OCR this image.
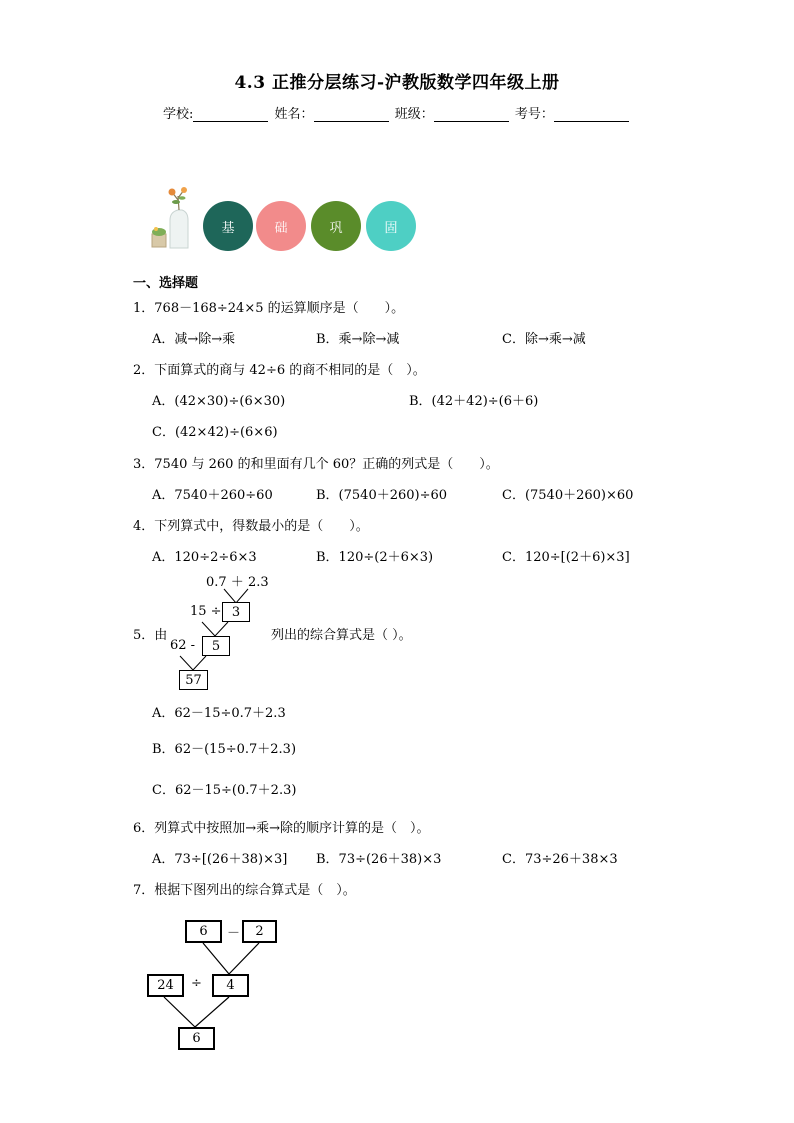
4.3 正推分层练习-沪教版数学四年级上册
学校:	姓名：	班级：	考号：
基	础	巩	固
一、选择题
1．768－168÷24×5 的运算顺序是（　　）。
A．减→除→乘	B．乘→除→减	C．除→乘→减
2．下面算式的商与 42÷6 的商不相同的是（　）。
A．(42×30)÷(6×30)	B．(42＋42)÷(6＋6)
C．(42×42)÷(6×6)
3．7540 与 260 的和里面有几个 60？正确的列式是（　　）。
A．7540＋260÷60	B．(7540＋260)÷60	C．(7540＋260)×60
4．下列算式中，得数最小的是（　　）。
A．120÷2÷6×3	B．120÷(2＋6×3)	C．120÷[(2＋6)×3]
0.7 ＋ 2.3
15 ÷ 3
62 - 5
57
5．由	列出的综合算式是（ ）。
A．62－15÷0.7＋2.3
B．62－(15÷0.7＋2.3)
C．62－15÷(0.7＋2.3)
6．列算式中按照加→乘→除的顺序计算的是（　）。
A．73÷[(26＋38)×3] B．73÷(26＋38)×3	C．73÷26＋38×3
7．根据下图列出的综合算式是（　）。
6 － 2
24 ÷ 4
6
